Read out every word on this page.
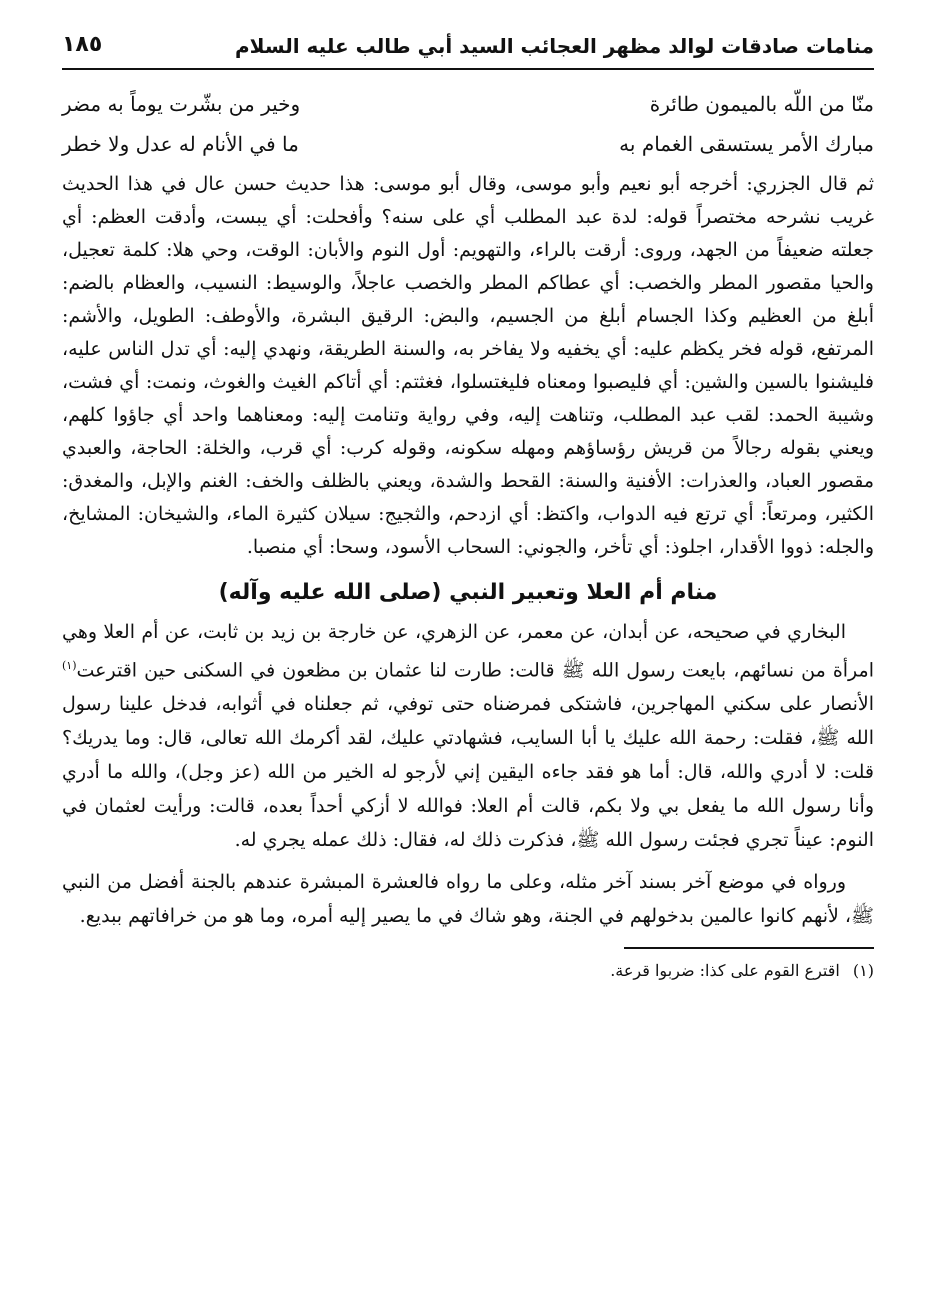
منامات صادقات لوالد مظهر العجائب السيد أبي طالب عليه السلام
١٨٥
منّا من اللّه بالميمون طائرة
وخير من بشّرت يوماً به مضر
مبارك الأمر يستسقى الغمام به
ما في الأنام له عدل ولا خطر

ثم قال الجزري: أخرجه أبو نعيم وأبو موسى، وقال أبو موسى: هذا حديث حسن عال في هذا الحديث غريب نشرحه مختصراً قوله: لدة عبد المطلب أي على سنه؟ وأفحلت: أي يبست، وأدقت العظم: أي جعلته ضعيفاً من الجهد، وروى: أرقت بالراء، والتهويم: أول النوم والأبان: الوقت، وحي هلا: كلمة تعجيل، والحيا مقصور المطر والخصب: أي عطاكم المطر والخصب عاجلاً، والوسيط: النسيب، والعظام بالضم: أبلغ من العظيم وكذا الجسام أبلغ من الجسيم، والبض: الرقيق البشرة، والأوطف: الطويل، والأشم: المرتفع، قوله فخر يكظم عليه: أي يخفيه ولا يفاخر به، والسنة الطريقة، ونهدي إليه: أي تدل الناس عليه، فليشنوا بالسين والشين: أي فليصبوا ومعناه فليغتسلوا، فغثتم: أي أتاكم الغيث والغوث، ونمت: أي فشت، وشيبة الحمد: لقب عبد المطلب، وتناهت إليه، وفي رواية وتنامت إليه: ومعناهما واحد أي جاؤوا كلهم، ويعني بقوله رجالاً من قريش رؤساؤهم ومهله سكونه، وقوله كرب: أي قرب، والخلة: الحاجة، والعبدي مقصور العباد، والعذرات: الأفنية والسنة: القحط والشدة، ويعني بالظلف والخف: الغنم والإبل، والمغدق: الكثير، ومرتعاً: أي ترتع فيه الدواب، واكتظ: أي ازدحم، والثجيج: سيلان كثيرة الماء، والشيخان: المشايخ، والجله: ذووا الأقدار، اجلوذ: أي تأخر، والجوني: السحاب الأسود، وسحا: أي منصبا.

منام أم العلا وتعبير النبي (صلى الله عليه وآله)

البخاري في صحيحه، عن أبدان، عن معمر، عن الزهري، عن خارجة بن زيد بن ثابت، عن أم العلا وهي امرأة من نسائهم، بايعت رسول الله ﷺ قالت: طارت لنا عثمان بن مظعون في السكنى حين اقترعت$^{(١)}$ الأنصار على سكني المهاجرين، فاشتكى فمرضناه حتى توفي، ثم جعلناه في أثوابه، فدخل علينا رسول الله ﷺ، فقلت: رحمة الله عليك يا أبا السايب، فشهادتي عليك، لقد أكرمك الله تعالى، قال: وما يدريك؟ قلت: لا أدري والله، قال: أما هو فقد جاءه اليقين إني لأرجو له الخير من الله (عز وجل)، والله ما أدري وأنا رسول الله ما يفعل بي ولا بكم، قالت أم العلا: فوالله لا أزكي أحداً بعده، قالت: ورأيت لعثمان في النوم: عيناً تجري فجئت رسول الله ﷺ، فذكرت ذلك له، فقال: ذلك عمله يجري له.

ورواه في موضع آخر بسند آخر مثله، وعلى ما رواه فالعشرة المبشرة عندهم بالجنة أفضل من النبي ﷺ، لأنهم كانوا عالمين بدخولهم في الجنة، وهو شاك في ما يصير إليه أمره، وما هو من خرافاتهم ببديع.

(١) اقترع القوم على كذا: ضربوا قرعة.
